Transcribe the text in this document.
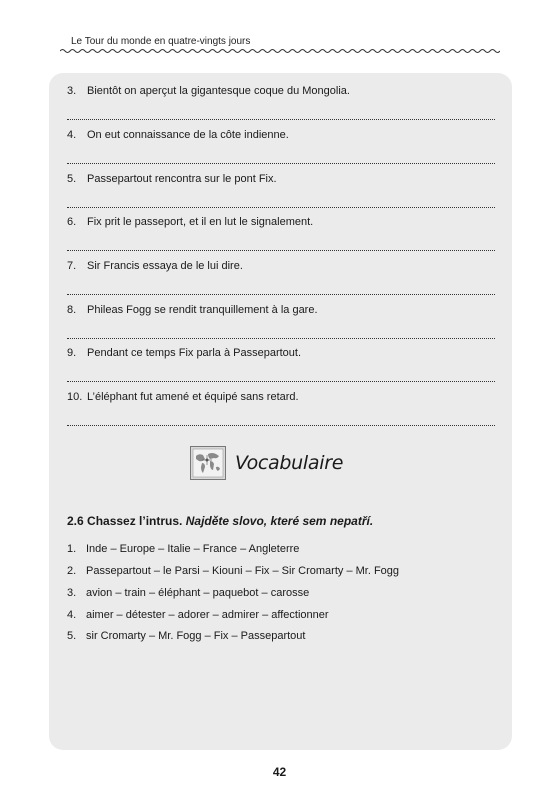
Le Tour du monde en quatre-vingts jours
3. Bientôt on aperçut la gigantesque coque du Mongolia.
4. On eut connaissance de la côte indienne.
5. Passepartout rencontra sur le pont Fix.
6. Fix prit le passeport, et il en lut le signalement.
7. Sir Francis essaya de le lui dire.
8. Phileas Fogg se rendit tranquillement à la gare.
9. Pendant ce temps Fix parla à Passepartout.
10. L’éléphant fut amené et équipé sans retard.
Vocabulaire
2.6 Chassez l’intrus. Najděte slovo, které sem nepatří.
1. Inde – Europe – Italie – France – Angleterre
2. Passepartout – le Parsi – Kiouni – Fix – Sir Cromarty – Mr. Fogg
3. avion – train – éléphant – paquebot – carosse
4. aimer – détester – adorer – admirer – affectionner
5. sir Cromarty – Mr. Fogg – Fix – Passepartout
42
